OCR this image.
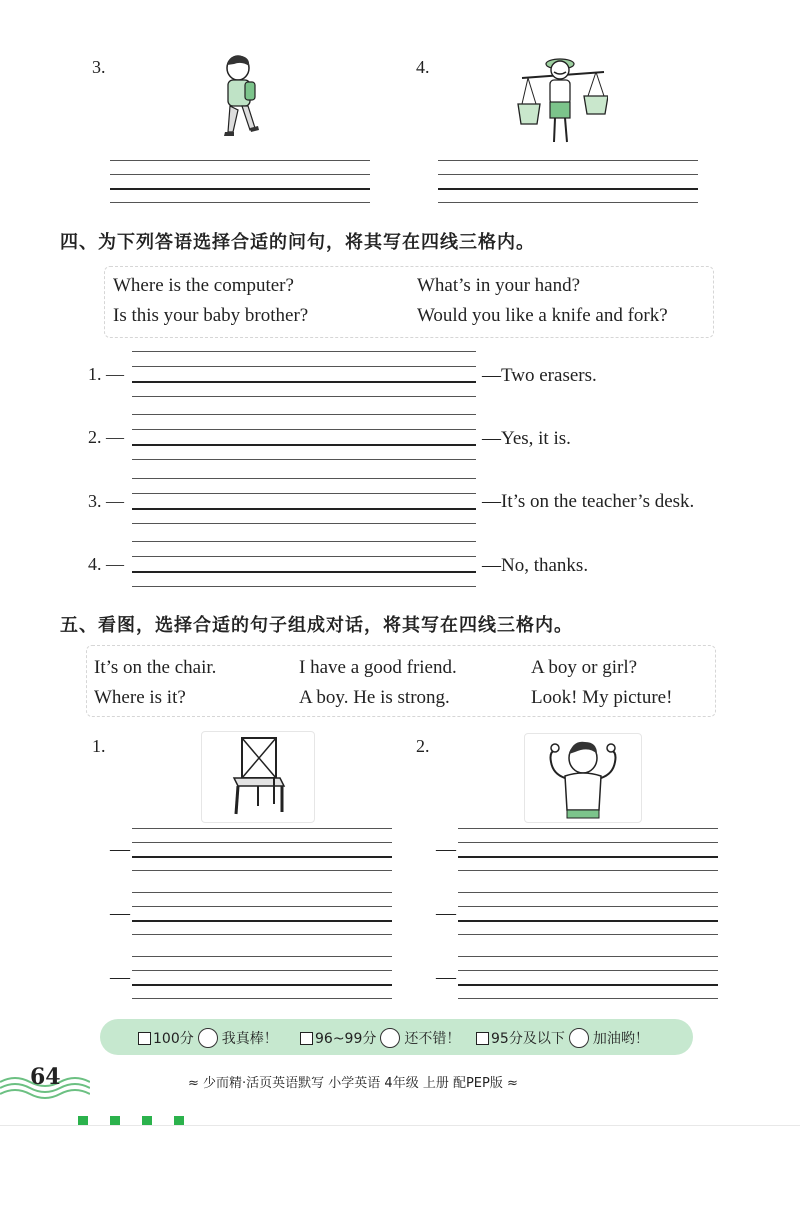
3.	4.
四、为下列答语选择合适的问句，将其写在四线三格内。
Where is the computer?	What’s in your hand?
Is this your baby brother?	Would you like a knife and fork?
1. —	—Two erasers.
2. —	—Yes, it is.
3. —	—It’s on the teacher’s desk.
4. —	—No, thanks.
五、看图，选择合适的句子组成对话，将其写在四线三格内。
It’s on the chair.	I have a good friend.	A boy or girl?
Where is it?	A boy. He is strong.	Look! My picture!
1.	2.
—
—
—
—
—
—
100分 我真棒！	96~99分 还不错！ 95分及以下 加油哟！
64	≈ 少而精·活页英语默写 小学英语 4年级 上册 配PEP版 ≈
